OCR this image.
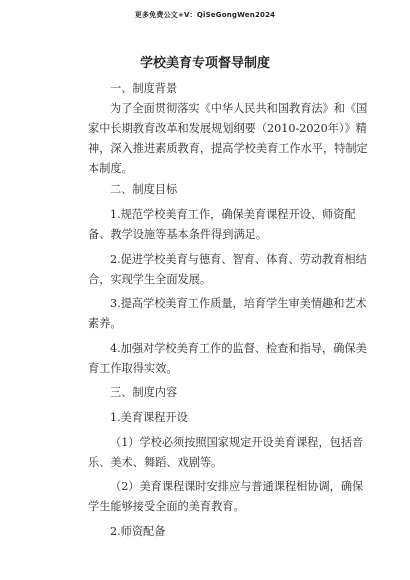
更多免费公文+V：QiSeGongWen2024
学校美育专项督导制度
一、制度背景
为了全面贯彻落实《中华人民共和国教育法》和《国家中长期教育改革和发展规划纲要（2010-2020年）》精神，深入推进素质教育，提高学校美育工作水平，特制定本制度。
二、制度目标
1.规范学校美育工作，确保美育课程开设、师资配备、教学设施等基本条件得到满足。
2.促进学校美育与德育、智育、体育、劳动教育相结合，实现学生全面发展。
3.提高学校美育工作质量，培育学生审美情趣和艺术素养。
4.加强对学校美育工作的监督、检查和指导，确保美育工作取得实效。
三、制度内容
1.美育课程开设
（1）学校必须按照国家规定开设美育课程，包括音乐、美术、舞蹈、戏剧等。
（2）美育课程课时安排应与普通课程相协调，确保学生能够接受全面的美育教育。
2.师资配备
